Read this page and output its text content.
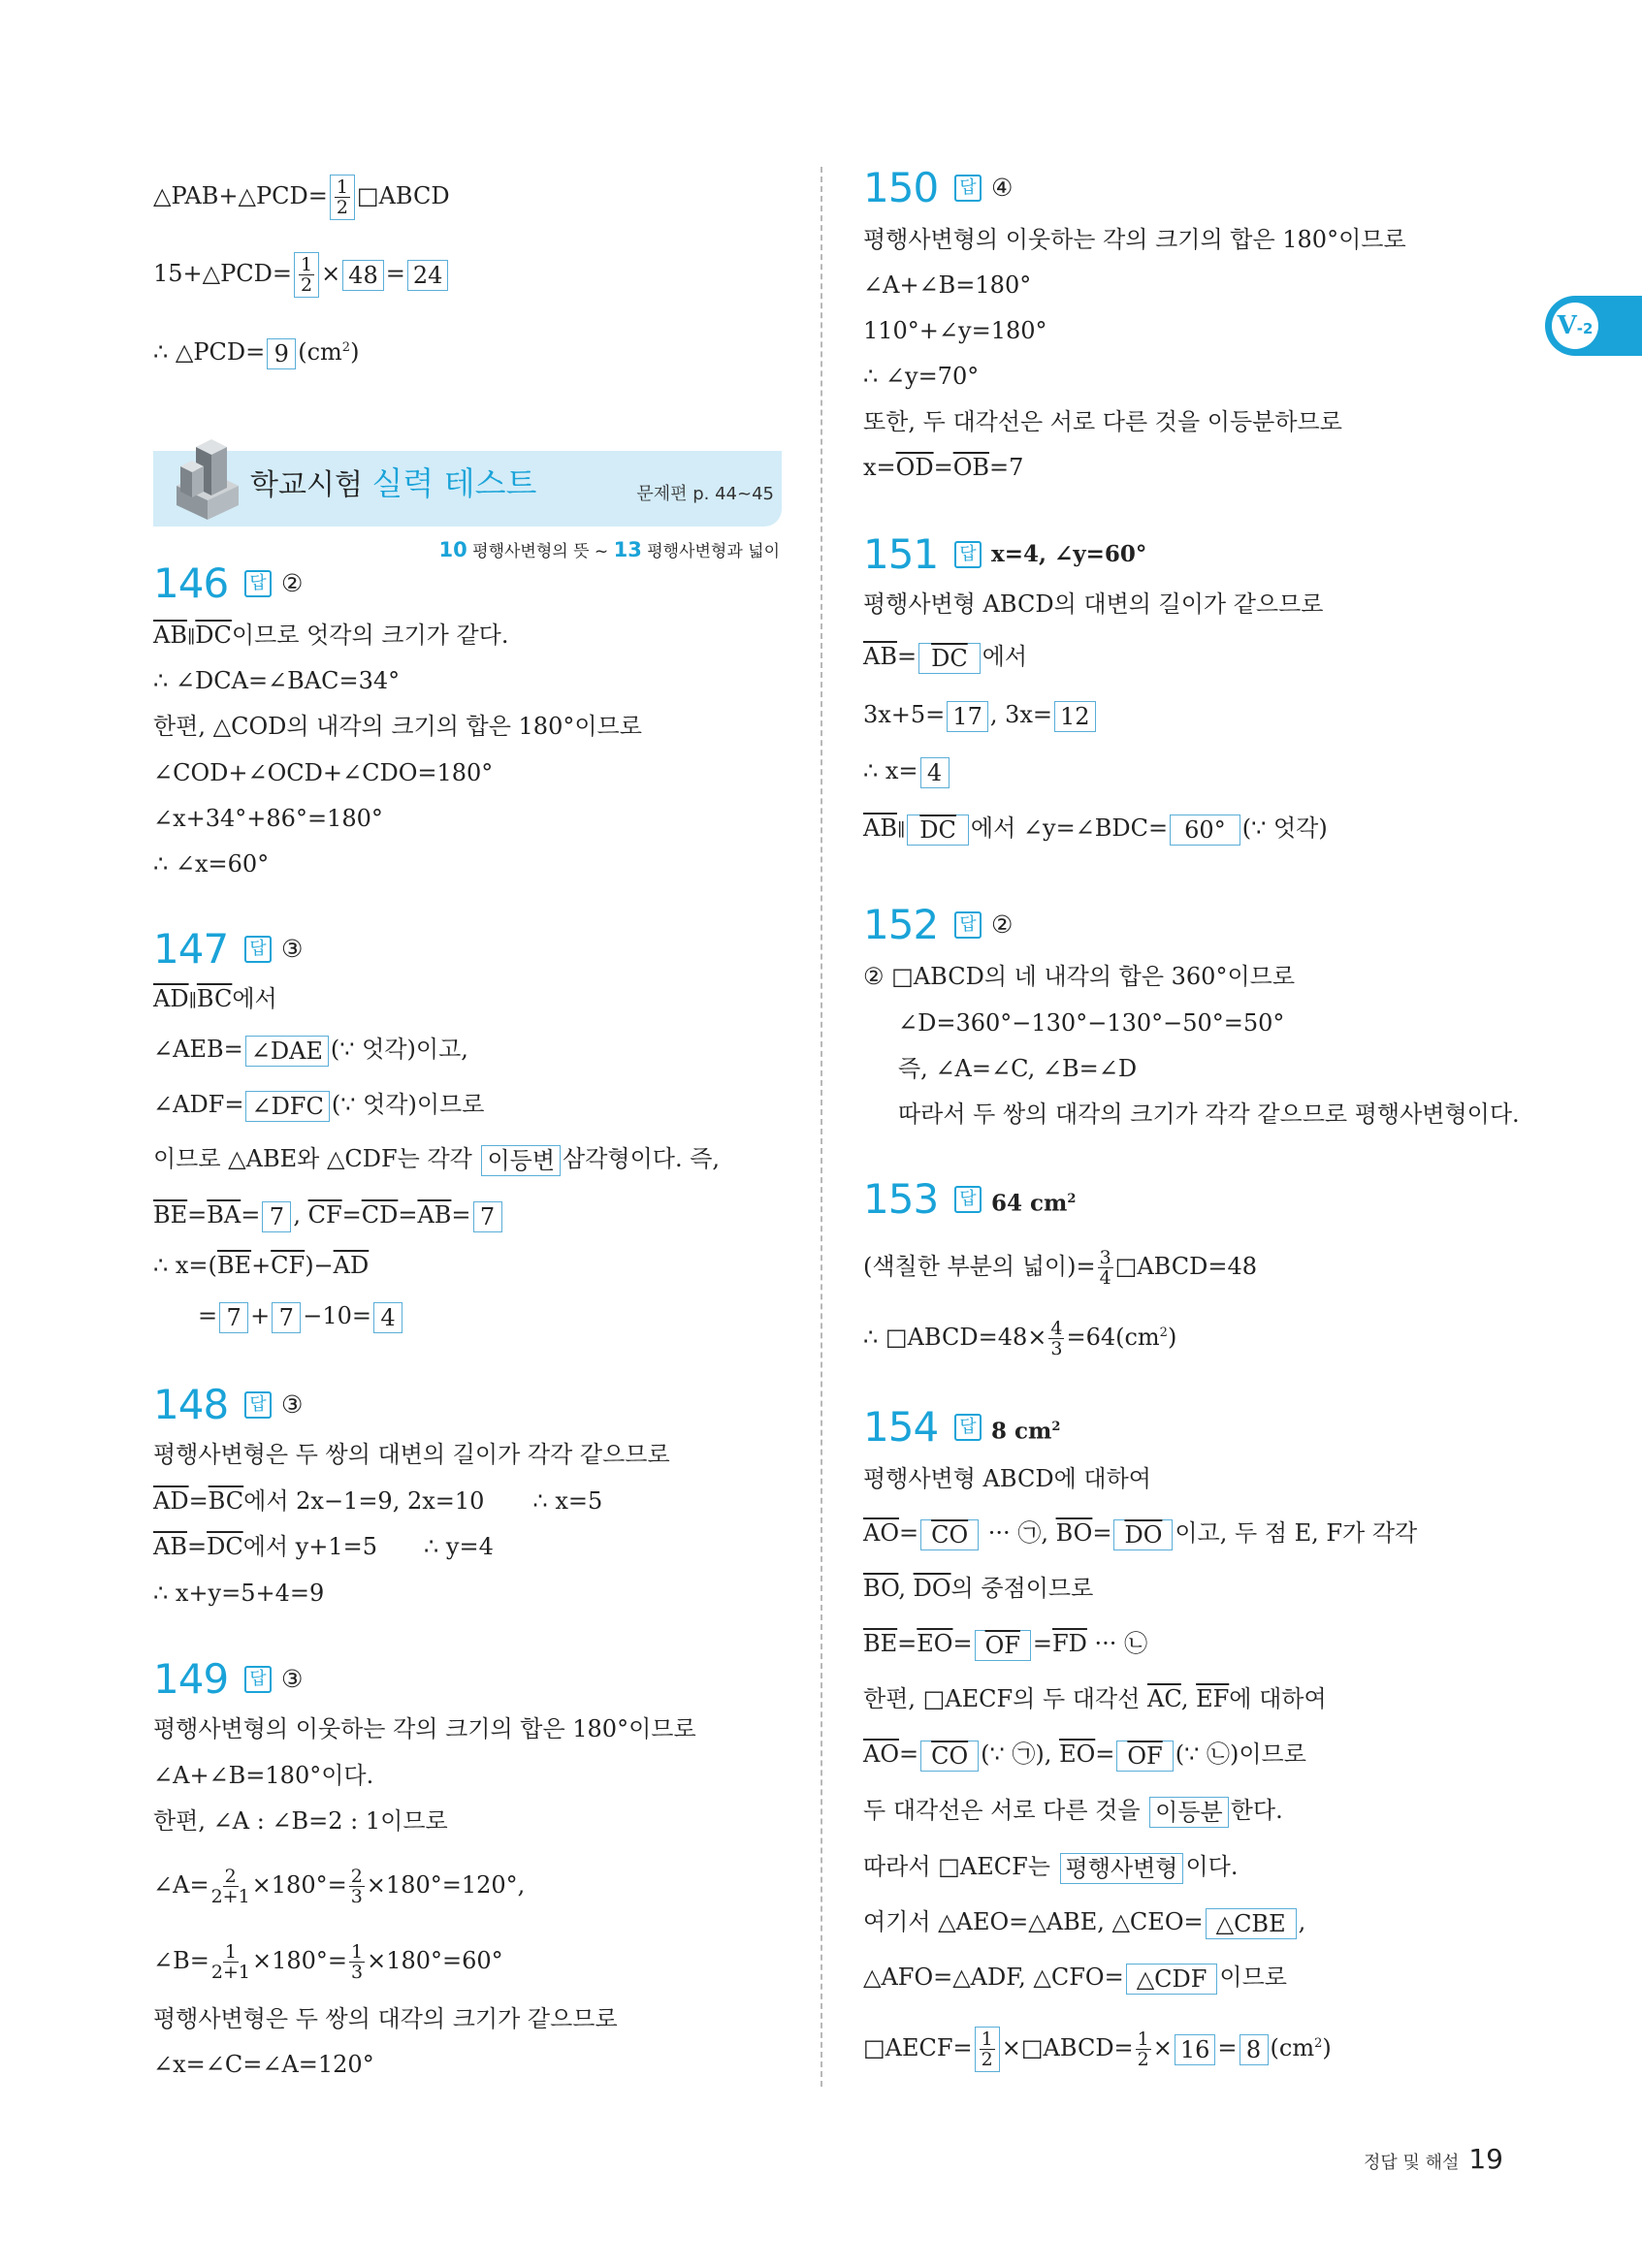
Ⅴ-2
△PAB+△PCD= $\frac{1}{2}$ □ABCD
15+△PCD= $\frac{1}{2} \times 48 = 24$
∴ △PCD= 9 $(cm^2)$
학교시험 실력 테스트	문제편 p. 44~45
10 평행사변형의 뜻 ~ 13 평행사변형과 넓이
146 답 ②
$\overline{AB}\parallel\overline{DC}$이므로 엇각의 크기가 같다.
∴ ∠DCA=∠BAC=34°
한편, △COD의 내각의 크기의 합은 180°이므로
∠COD+∠OCD+∠CDO=180°
∠x+34°+86°=180°
∴ ∠x=60°
147 답 ③
$\overline{AD}\parallel\overline{BC}$에서
∠AEB= ∠DAE (∵ 엇각)이고,
∠ADF= ∠DFC (∵ 엇각)이므로
이므로 △ABE와 △CDF는 각각 이등변 삼각형이다. 즉,
$\overline{BE}=\overline{BA}= 7$ , $\overline{CF}=\overline{CD}=\overline{AB}= 7$
∴ $x=(\overline{BE}+\overline{CF})-\overline{AD}$
= 7 + 7 −10= 4
148 답 ③
평행사변형은 두 쌍의 대변의 길이가 각각 같으므로
$\overline{AD}=\overline{BC}$에서 2x−1=9, 2x=10 ∴ x=5
$\overline{AB}=\overline{DC}$에서 y+1=5 ∴ y=4
∴ x+y=5+4=9
149 답 ③
평행사변형의 이웃하는 각의 크기의 합은 180°이므로
∠A+∠B=180°이다.
한편, ∠A : ∠B=2 : 1이므로
∠A= $\frac{2}{2+1} \times 180^\circ= \frac{2}{3} \times 180^\circ=120^\circ$,
∠B= $\frac{1}{2+1} \times 180^\circ= \frac{1}{3} \times 180^\circ=60^\circ$
평행사변형은 두 쌍의 대각의 크기가 같으므로
∠x=∠C=∠A=120°
150 답 ④
평행사변형의 이웃하는 각의 크기의 합은 180°이므로
∠A+∠B=180°
110°+∠y=180°
∴ ∠y=70°
또한, 두 대각선은 서로 다른 것을 이등분하므로
$x=\overline{OD}=\overline{OB}=7$
151 답 x=4, ∠y=60°
평행사변형 ABCD의 대변의 길이가 같으므로
$\overline{AB}= \overline{DC}$ 에서
3x+5= 17 , 3x= 12
∴ x= 4
$\overline{AB}\parallel$ $\overline{DC}$ 에서 ∠y=∠BDC= 60° (∵ 엇각)
152 답 ②
② □ABCD의 네 내각의 합은 360°이므로
∠D=360°−130°−130°−50°=50°
즉, ∠A=∠C, ∠B=∠D
따라서 두 쌍의 대각의 크기가 각각 같으므로 평행사변형이다.
153 답 64 $cm^2$
(색칠한 부분의 넓이)= $\frac{3}{4}$ □ABCD=48
∴ □ABCD=48× $\frac{4}{3} =64(cm^2)$
154 답 8 $cm^2$
평행사변형 ABCD에 대하여
$\overline{AO}= \overline{CO}$ ··· ㉠, $\overline{BO}= \overline{DO}$ 이고, 두 점 E, F가 각각
$\overline{BO}$, $\overline{DO}$의 중점이므로
$\overline{BE}=\overline{EO}= \overline{OF} =\overline{FD}$ ··· ㉡
한편, □AECF의 두 대각선 $\overline{AC}$, $\overline{EF}$에 대하여
$\overline{AO}= \overline{CO}$ (∵ ㉠), $\overline{EO}= \overline{OF}$ (∵ ㉡)이므로
두 대각선은 서로 다른 것을 이등분 한다.
따라서 □AECF는 평행사변형 이다.
여기서 △AEO=△ABE, △CEO= △CBE ,
△AFO=△ADF, △CFO= △CDF 이므로
□AECF= $\frac{1}{2}$ ×□ABCD= $\frac{1}{2} \times 16 = 8$ $(cm^2)$
정답 및 해설 19
